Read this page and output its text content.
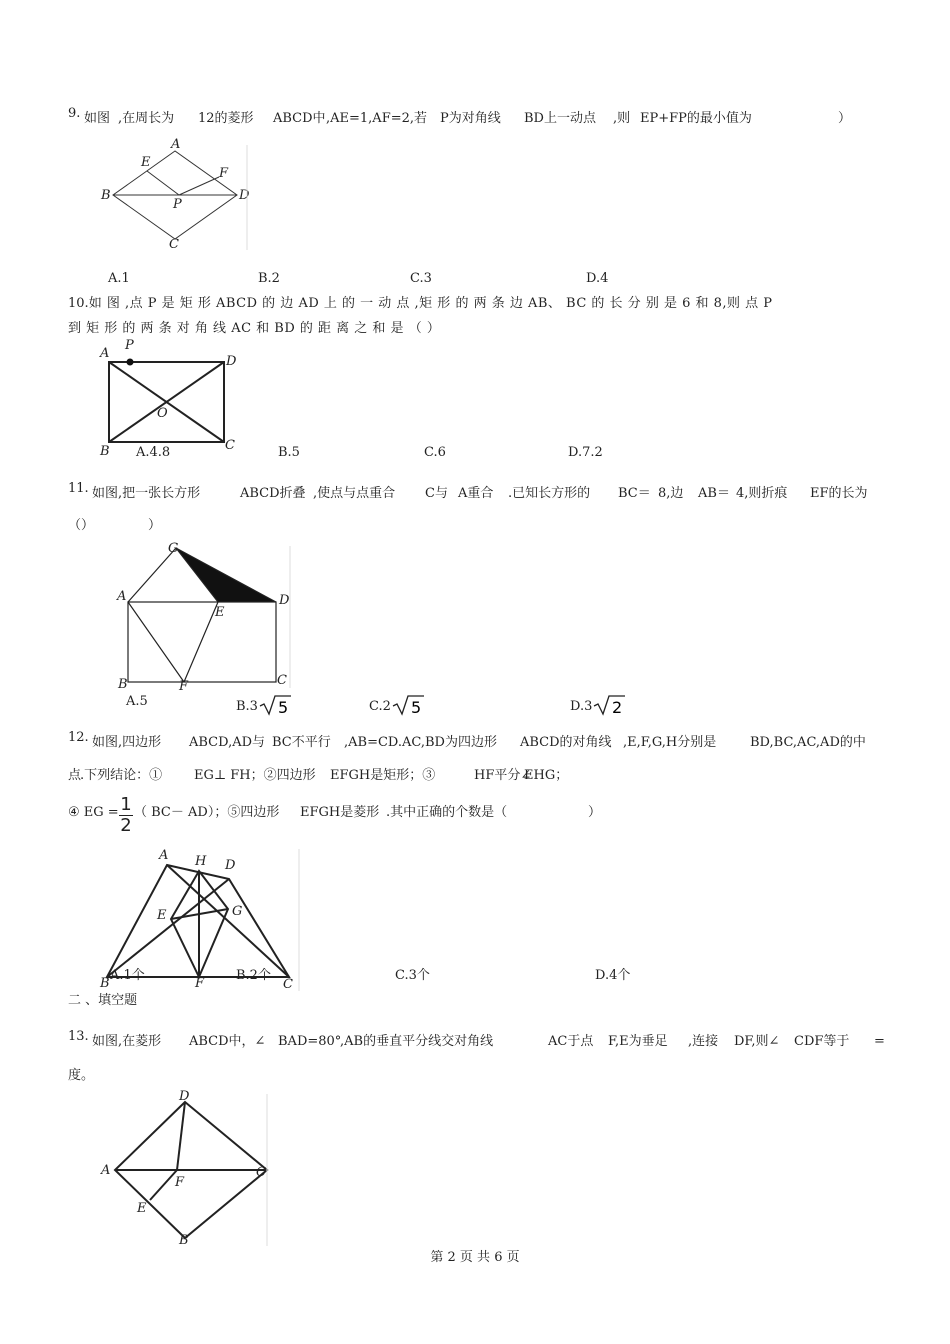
9. 如图 ,在周长为 12的菱形 ABCD中 ,AE=1,AF=2,若 P为对角线 BD上一动点 ,则 EP+FP的最小值为	）
A
E
F
B
P
D
C
A.1	B.2	C.3	D.4
10.如 图 ,点 P 是 矩 形 ABCD 的 边 AD 上 的 一 动 点 ,矩 形 的 两 条 边 AB、 BC 的 长 分 别 是 6 和 8,则 点 P
到 矩 形 的 两 条 对 角 线 AC 和 BD 的 距 离 之 和 是 （ ）
A
P
D
O
B	C
A.4.8	B.5	C.6	D.7.2
11. 如图 ,把一张长方形	ABCD折叠 ,使点与点重合 C与 A重合 .已知长方形的 BC＝ 8,边 AB＝ 4,则折痕 EF的长为
（）	）
G
A
E
D
B	F	C
A.5	B.3 5	C.2 5	D.3 2
12. 如图 ,四边形 ABCD,AD与 BC不平行 ,AB=CD.AC,BD为四边形 ABCD的对角线 ,E,F,G,H分别是	BD,BC,AC,AD的中
点
.下列结论：① EG⊥ FH；②四边形 EFGH是矩形；③	HF平分∠
EHG；
④ EG = （ BC－ AD）；⑤四边形 EFGH是菱形 .其中正确的个数是（	）
1
2
A H D
E	G
B	F	C
A.1个	B.2个	C.3个	D.4个
二 、填空题
13. 如图 ,在菱形 ABCD中，∠ BAD=80°
,AB的垂直平分线交对角线	AC于点 F,E为垂足 ,连接 DF,则∠ CDF等于 =
度。
D
A
F
C
E
B
第 2 页 共 6 页
